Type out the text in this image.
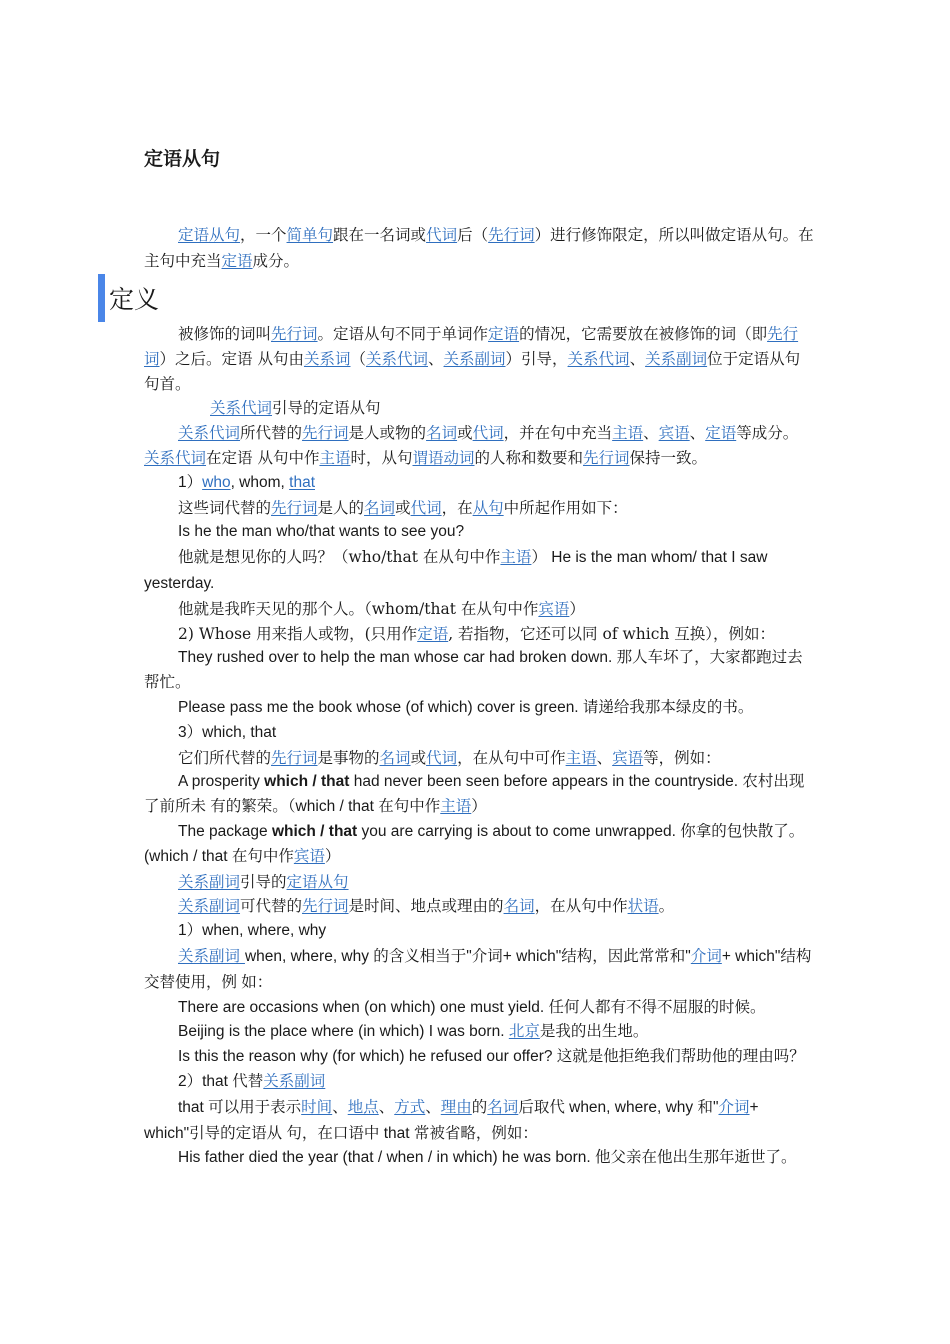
定语从句
定语从句，一个简单句跟在一名词或代词后（先行词）进行修饰限定，所以叫做定语从句。在主句中充当定语成分。
定义

被修饰的词叫先行词。定语从句不同于单词作定语的情况，它需要放在被修饰的词（即先行词）之后。定语 从句由关系词（关系代词、关系副词）引导，关系代词、关系副词位于定语从句句首。

关系代词引导的定语从句

关系代词所代替的先行词是人或物的名词或代词，并在句中充当主语、宾语、定语等成分。关系代词在定语 从句中作主语时，从句谓语动词的人称和数要和先行词保持一致。

1）who, whom, that

这些词代替的先行词是人的名词或代词，在从句中所起作用如下：

Is he the man who/that wants to see you?

他就是想见你的人吗？（who/that 在从句中作主语） He is the man whom/ that I saw yesterday.

他就是我昨天见的那个人。（whom/that 在从句中作宾语）

2) Whose 用来指人或物，(只用作定语, 若指物，它还可以同 of which 互换），例如：

They rushed over to help the man whose car had broken down. 那人车坏了，大家都跑过去帮忙。

Please pass me the book whose (of which) cover is green. 请递给我那本绿皮的书。

3）which, that

它们所代替的先行词是事物的名词或代词，在从句中可作主语、宾语等，例如：

A prosperity which / that had never been seen before appears in the countryside. 农村出现了前所未 有的繁荣。（which / that 在句中作主语）

The package which / that you are carrying is about to come unwrapped. 你拿的包快散了。(which / that 在句中作宾语）

关系副词引导的定语从句

关系副词可代替的先行词是时间、地点或理由的名词，在从句中作状语。

1）when, where, why

关系副词 when, where, why 的含义相当于"介词+ which"结构，因此常常和"介词+ which"结构交替使用，例 如：

There are occasions when (on which) one must yield. 任何人都有不得不屈服的时候。

Beijing is the place where (in which) I was born. 北京是我的出生地。

Is this the reason why (for which) he refused our offer? 这就是他拒绝我们帮助他的理由吗？

2）that 代替关系副词

that 可以用于表示时间、地点、方式、理由的名词后取代 when, where, why 和"介词+ which"引导的定语从 句，在口语中 that 常被省略，例如：

His father died the year (that / when / in which) he was born. 他父亲在他出生那年逝世了。
